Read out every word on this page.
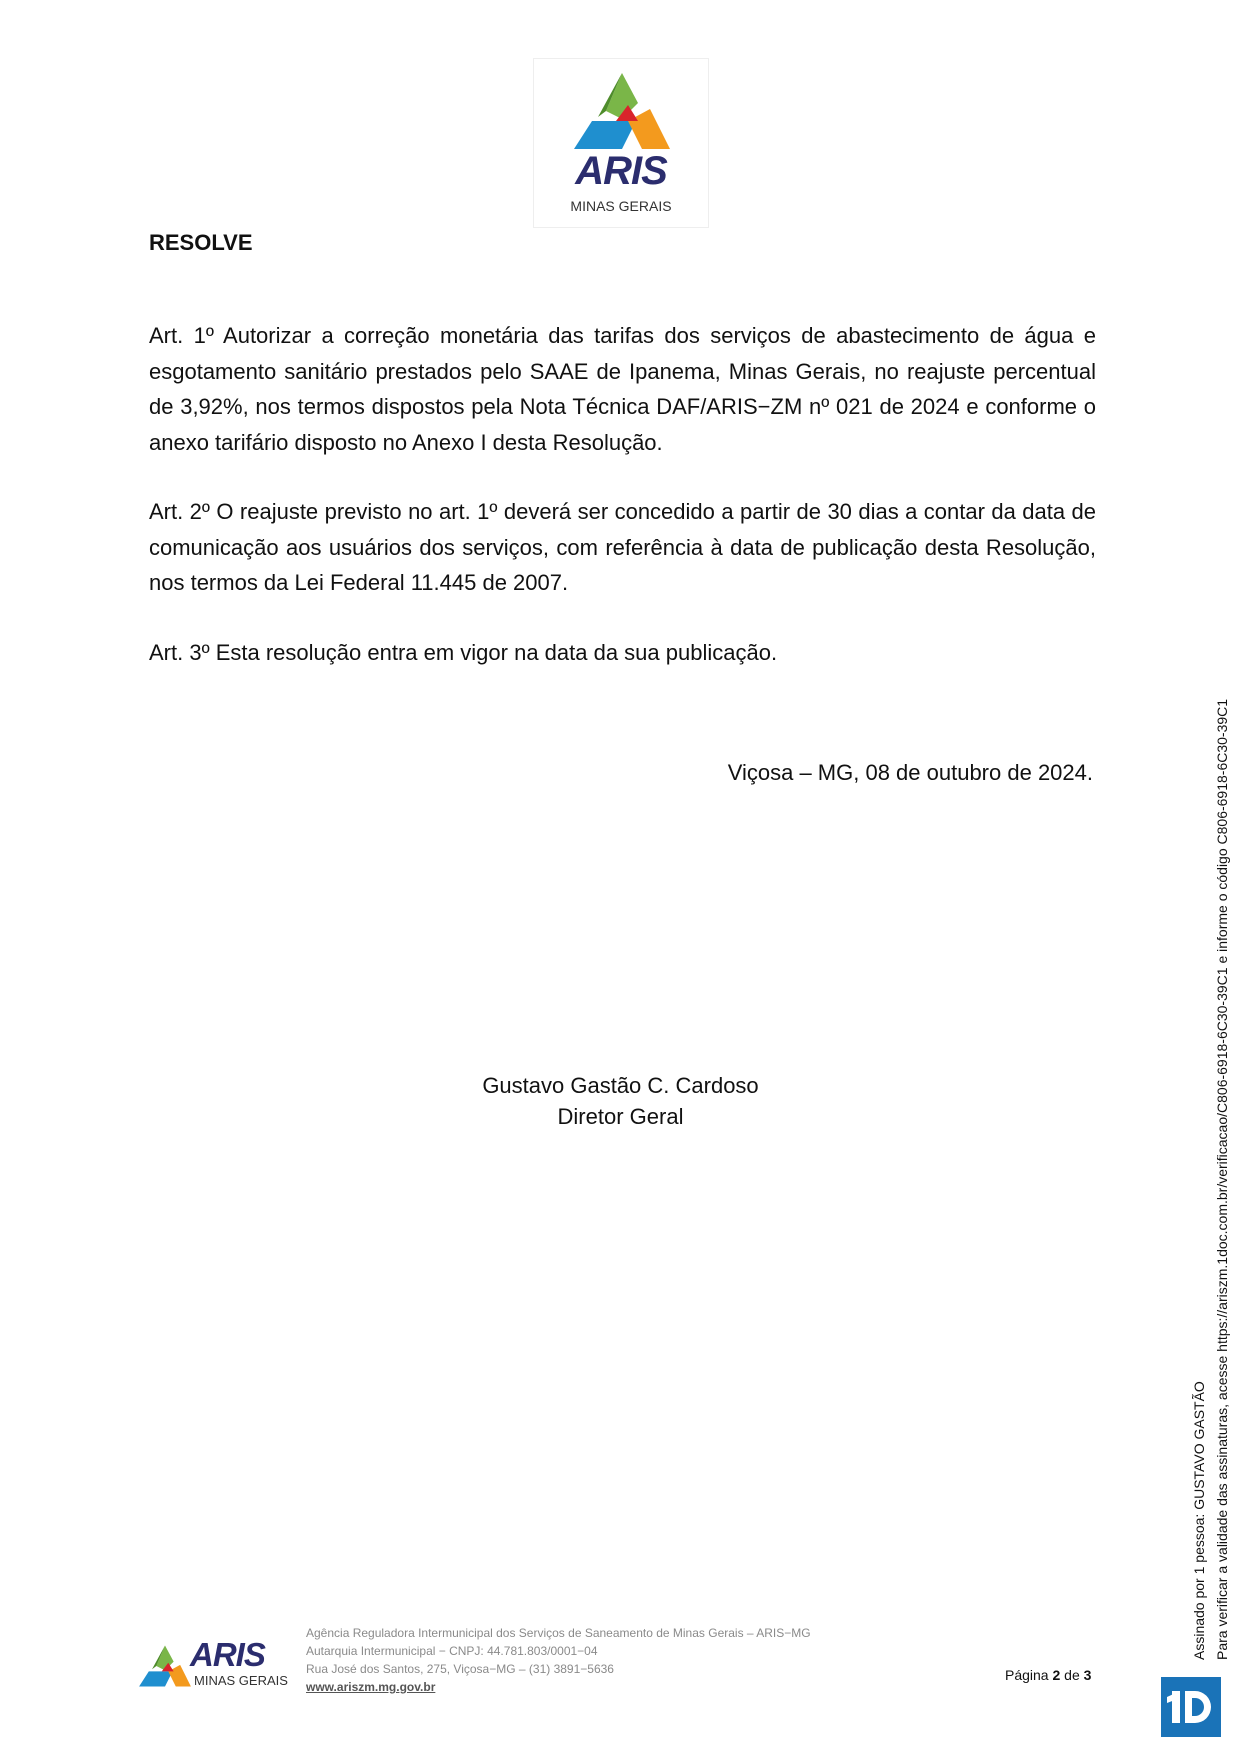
ARIS
MINAS GERAIS

RESOLVE

Art. 1º Autorizar a correção monetária das tarifas dos serviços de abastecimento de água e esgotamento sanitário prestados pelo SAAE de Ipanema, Minas Gerais, no reajuste percentual de 3,92%, nos termos dispostos pela Nota Técnica DAF/ARIS−ZM nº 021 de 2024 e conforme o anexo tarifário disposto no Anexo I desta Resolução.

Art. 2º O reajuste previsto no art. 1º deverá ser concedido a partir de 30 dias a contar da data de comunicação aos usuários dos serviços, com referência à data de publicação desta Resolução, nos termos da Lei Federal 11.445 de 2007.

Art. 3º Esta resolução entra em vigor na data da sua publicação.

Viçosa – MG, 08 de outubro de 2024.

Gustavo Gastão C. Cardoso
Diretor Geral
ARIS
MINAS GERAIS
Agência Reguladora Intermunicipal dos Serviços de Saneamento de Minas Gerais – ARIS−MG
Autarquia Intermunicipal − CNPJ: 44.781.803/0001−04
Rua José dos Santos, 275, Viçosa−MG – (31) 3891−5636
www.ariszm.mg.gov.br
Página 2 de 3
Assinado por 1 pessoa: GUSTAVO GASTÃO Para verificar a validade das assinaturas, acesse https://ariszm.1doc.com.br/verificacao/C806-6918-6C30-39C1 e informe o código C806-6918-6C30-39C1
